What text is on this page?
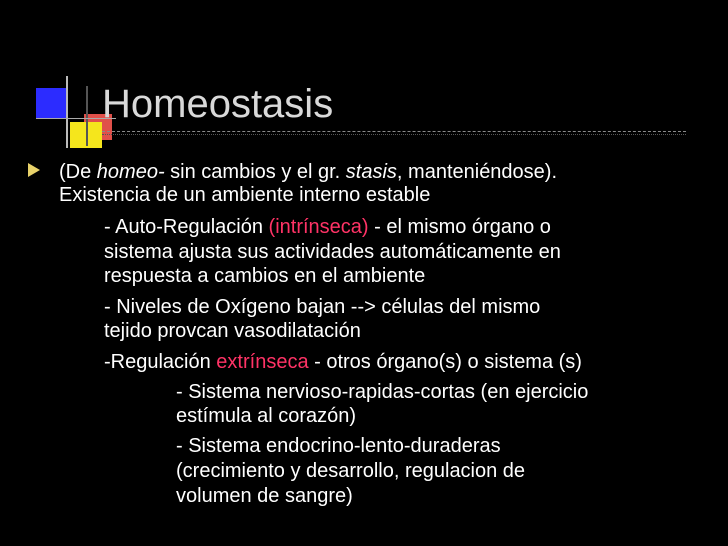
Homeostasis
(De homeo- sin cambios y el gr. stasis, manteniéndose).
Existencia de un ambiente interno estable
- Auto-Regulación (intrínseca) - el mismo órgano o
sistema ajusta sus actividades automáticamente en
respuesta a cambios en el ambiente
- Niveles de Oxígeno bajan --> células del mismo
tejido provcan vasodilatación
-Regulación extrínseca - otros órgano(s) o sistema (s)
- Sistema nervioso-rapidas-cortas (en ejercicio
estímula al corazón)
- Sistema endocrino-lento-duraderas
(crecimiento y desarrollo, regulacion de
volumen de sangre)
